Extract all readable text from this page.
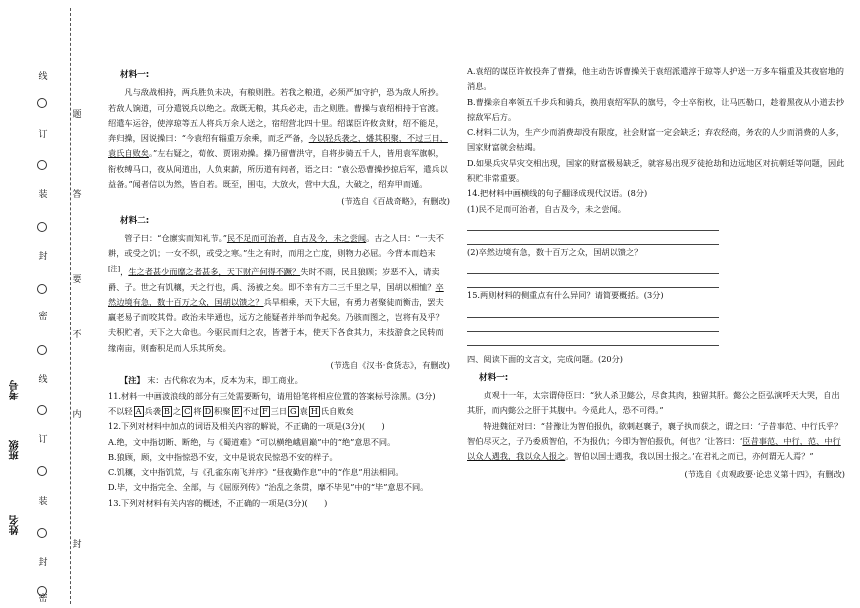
线
订
装
封
密
线
订
装
封
密
题
答
要
不
内
封
考号
班级
姓名

材料一:

凡与敌战相持，两兵胜负未决，有粮则胜。若我之粮道，必须严加守护，恐为敌人所抄。若敌人饷道，可分遣锐兵以绝之。敌既无粮，其兵必走，击之则胜。曹操与袁绍相持于官渡。绍遣车运谷，使淳琼等五人将兵万余人送之，宿绍营北四十里。绍谋臣许攸贪财，绍不能足，奔归操，因说操曰：“今袁绍有辎重万余乘，而乏严备，今以轻兵袭之，燔其积聚，不过三日，袁氏自败矣。”左右疑之，荀攸、贾诩劝操。操乃留曹洪守，自将步骑五千人，皆用袁军旗帜，衔枚缚马口，夜从间道出，人负束薪，所历道有问者，语之曰：“袁公恐曹操抄掠后军，遣兵以益备。”闻者信以为然，皆自若。既至，围屯，大放火，营中大乱，大破之，绍弃甲而遁。

(节选自《百战奇略》，有删改)

材料二:

管子曰：“仓廪实而知礼节。”民不足而可治者，自古及今，未之尝闻。古之人曰：“一夫不耕，或受之饥；一女不织，或受之寒。”生之有时，而用之亡度，则物力必屈。今背本而趋末[注]，生之者甚少而靡之者甚多，天下财产何得不蹶？失时不雨，民且狼顾；岁恶不入，请卖爵、子。世之有饥穰，天之行也，禹、汤被之矣。即不幸有方二三千里之旱，国胡以相恤？卒然边境有急，数十百万之众，国胡以馈之？兵旱相乘，天下大屈，有勇力者聚徒而衡击，罢夫羸老易子而咬其骨。政治未毕通也，远方之能疑者并举而争起矣。乃骇而图之，岂将有及乎？夫积贮者，天下之大命也。今驱民而归之农，皆著于本，使天下各食其力，末技游食之民转而缘南亩，则畜积足而人乐其所矣。

(节选自《汉书·食货志》，有删改)

【注】 末：古代称农为本，反本为末，即工商业。

11.材料一中画波浪线的部分有三处需要断句，请用铅笔将相应位置的答案标号涂黑。(3分)

不以轻 A 兵袭 B 之 C 将 D 积聚 E 不过 F 三日 G 袁 H 氏自败矣

12.下列对材料中加点的词语及相关内容的解说，不正确的一项是(3分)(　　)

A.绝，文中指切断、断绝，与《蜀道难》“可以横绝峨眉巅”中的“绝”意思不同。

B.狼顾，顾，文中指惊恐不安，文中是说农民惊恐不安的样子。

C.饥穰，文中指饥荒，与《孔雀东南飞并序》“昼夜勤作息”中的“作息”用法相同。

D.毕，文中指完全、全部，与《屈原列传》“治乱之条贯，靡不毕见”中的“毕”意思不同。

13.下列对材料有关内容的概述，不正确的一项是(3分)(　　)

A.袁绍的谋臣许攸投奔了曹操，他主动告诉曹操关于袁绍派遣淳于琼等人护送一万多车辎重及其夜宿地的消息。

B.曹操亲自率领五千步兵和骑兵，换用袁绍军队的旗号，令士卒衔枚，让马匹勒口，趁着黑夜从小道去抄掠敌军后方。

C.材料二认为，生产少而消费却没有限度，社会财富一定会缺乏；弃农经商，务农的人少而消费的人多，国家财富就会枯竭。

D.如果兵灾旱灾交相出现，国家的财富极易缺乏，就容易出现歹徒抢劫和边远地区对抗朝廷等问题，因此积贮非常重要。

14.把材料中画横线的句子翻译成现代汉语。(8分)

(1)民不足而可治者，自古及今，未之尝闻。

(2)卒然边境有急，数十百万之众，国胡以馈之？

15.两则材料的侧重点有什么异同？请简要概括。(3分)

四、阅读下面的文言文，完成问题。(20分)

材料一:

贞观十一年，太宗谓侍臣曰：“狄人杀卫懿公，尽食其肉，独留其肝。懿公之臣弘演呼天大哭，自出其肝，而内懿公之肝于其腹中。今觅此人，恐不可得。”

特进魏征对曰：“昔豫让为智伯报仇，欲刺赵襄子，襄子执而获之，谓之曰：‘子昔事范、中行氏乎？智伯尽灭之，子乃委质智伯，不为报仇；今即为智伯报仇，何也？’让答曰：‘臣昔事范、中行，范、中行以众人遇我，我以众人报之。智伯以国士遇我，我以国士报之。’在君礼之而已，亦何谓无人焉？”

(节选自《贞观政要·论忠义第十四》，有删改)
